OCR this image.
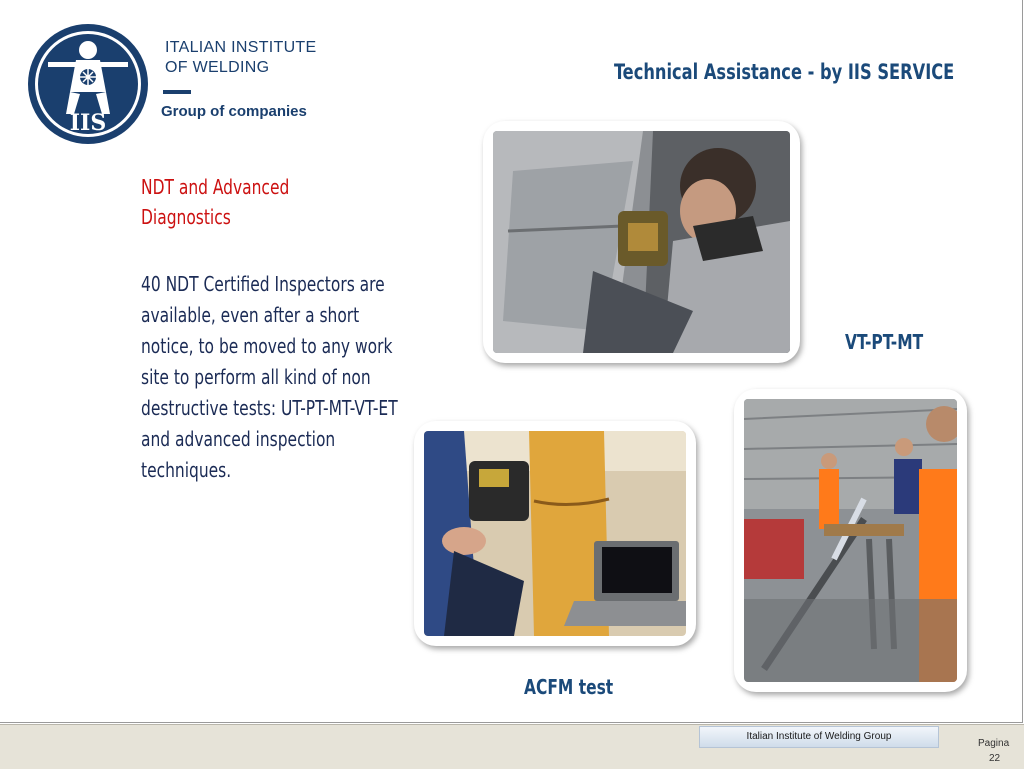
IIS
ITALIAN INSTITUTE
OF WELDING
Group of companies
Technical Assistance - by IIS SERVICE
NDT and Advanced
Diagnostics
40 NDT Certified Inspectors are
available, even after a short
notice, to be moved to any work
site to perform all kind of non
destructive tests: UT-PT-MT-VT-ET
and advanced inspection
techniques.
VT-PT-MT
ACFM test
Italian Institute of Welding Group
Pagina
22
